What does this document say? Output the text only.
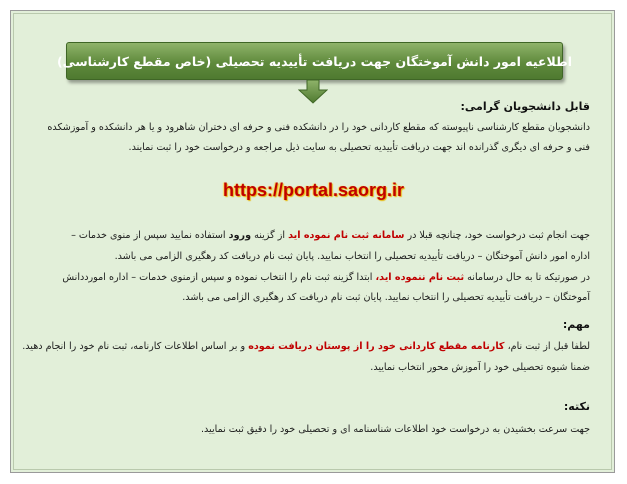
اطلاعیه امور دانش آموختگان جهت دریافت تأییدیه تحصیلی (خاص مقطع کارشناسی)
قابل دانشجویان گرامی:
دانشجویان مقطع کارشناسی ناپیوسته که مقطع کاردانی خود را در دانشکده فنی و حرفه ای دختران شاهرود و یا هر دانشکده و آموزشکده
فنی و حرفه ای دیگری گذرانده اند جهت دریافت تأییدیه تحصیلی به سایت ذیل مراجعه و درخواست خود را ثبت نمایند.
https://portal.saorg.ir
جهت انجام ثبت درخواست خود، چنانچه قبلا در سامانه ثبت نام نموده اید از گزینه ورود استفاده نمایید سپس از منوی خدمات –
اداره امور دانش آموختگان – دریافت تأییدیه تحصیلی را انتخاب نمایید. پایان ثبت نام دریافت کد رهگیری الزامی می باشد.
در صورتیکه تا به حال درسامانه ثبت نام ننموده اید، ابتدا گزینه ثبت نام را انتخاب نموده و سپس ازمنوی خدمات – اداره امورددانش
آموختگان – دریافت تأییدیه تحصیلی را انتخاب نمایید. پایان ثبت نام دریافت کد رهگیری الزامی می باشد.
مهم:
لطفا قبل از ثبت نام، کارنامه مقطع کاردانی خود را از پوستان دریافت نموده و بر اساس اطلاعات کارنامه، ثبت نام خود را انجام دهید.
ضمنا شیوه تحصیلی خود را آموزش محور انتخاب نمایید.
نکته:
جهت سرعت بخشیدن به درخواست خود اطلاعات شناسنامه ای و تحصیلی خود را دقیق ثبت نمایید.
